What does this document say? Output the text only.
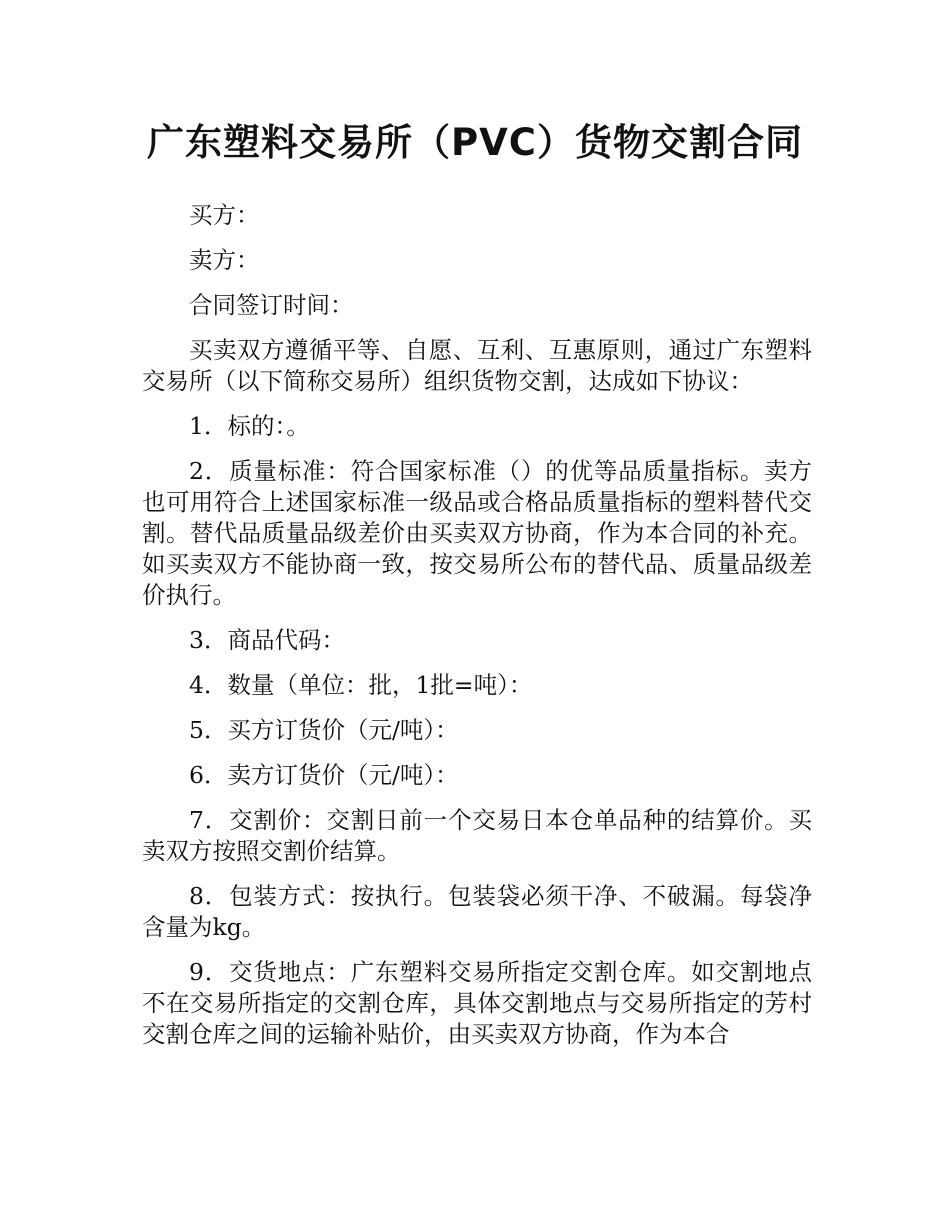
广东塑料交易所（PVC）货物交割合同

买方：

卖方：

合同签订时间：

买卖双方遵循平等、自愿、互利、互惠原则，通过广东塑料交易所（以下简称交易所）组织货物交割，达成如下协议：

1．标的：。

2．质量标准：符合国家标准（）的优等品质量指标。卖方也可用符合上述国家标准一级品或合格品质量指标的塑料替代交割。替代品质量品级差价由买卖双方协商，作为本合同的补充。如买卖双方不能协商一致，按交易所公布的替代品、质量品级差价执行。

3．商品代码：

4．数量（单位：批，1批=吨）：

5．买方订货价（元/吨）：

6．卖方订货价（元/吨）：

7．交割价：交割日前一个交易日本仓单品种的结算价。买卖双方按照交割价结算。

8．包装方式：按执行。包装袋必须干净、不破漏。每袋净含量为kg。

9．交货地点：广东塑料交易所指定交割仓库。如交割地点不在交易所指定的交割仓库，具体交割地点与交易所指定的芳村交割仓库之间的运输补贴价，由买卖双方协商，作为本合
